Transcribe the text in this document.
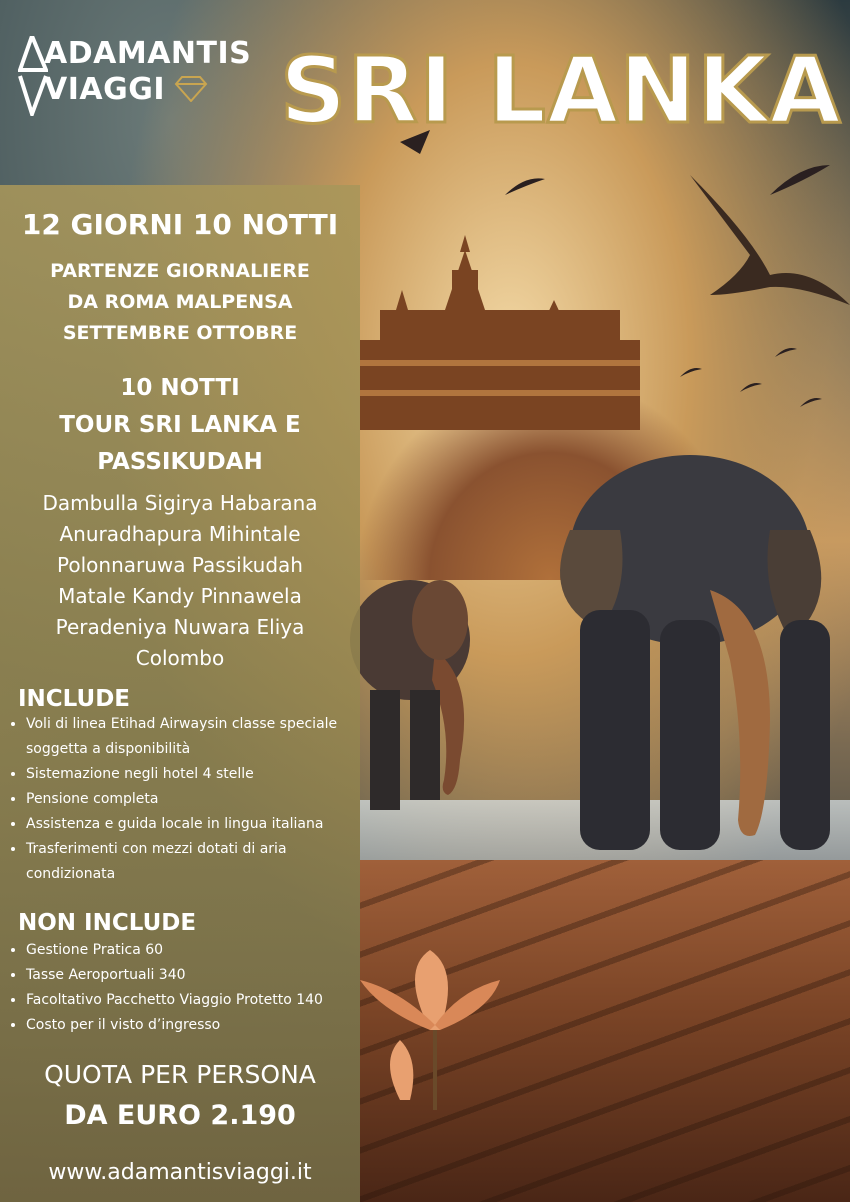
12 GIORNI 10 NOTTI
PARTENZE GIORNALIERE
DA ROMA MALPENSA
SETTEMBRE OTTOBRE
10 NOTTI
TOUR SRI LANKA E
PASSIKUDAH
Dambulla Sigirya Habarana
Anuradhapura Mihintale
Polonnaruwa Passikudah
Matale Kandy Pinnawela
Peradeniya Nuwara Eliya
Colombo
INCLUDE
• Voli di linea Etihad Airwaysin classe speciale soggetta a disponibilità
• Sistemazione negli hotel 4 stelle
• Pensione completa
• Assistenza e guida locale in lingua italiana
• Trasferimenti con mezzi dotati di aria condizionata
NON INCLUDE
• Gestione Pratica 60
• Tasse Aeroportuali 340
• Facoltativo Pacchetto Viaggio Protetto 140
• Costo per il visto d’ingresso
QUOTA PER PERSONA
DA EURO 2.190
www.adamantisviaggi.it
ADAMANTIS
VIAGGI SRI LANKA
